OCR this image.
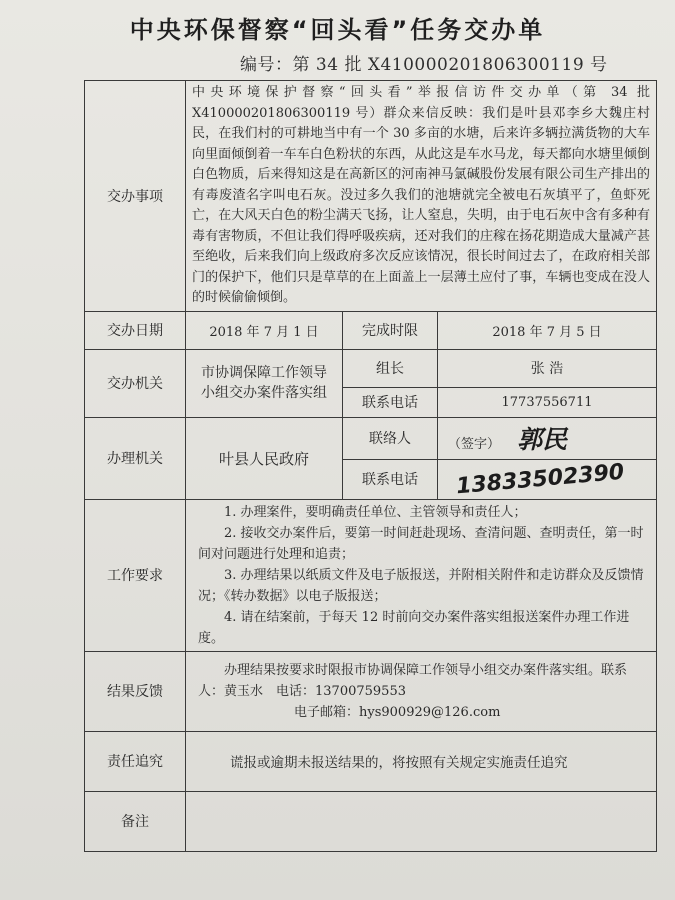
中央环保督察“回头看”任务交办单
编号：第 34 批 X410000201806300119 号
交办事项	中央环境保护督察“回头看”举报信访件交办单（第 34 批 X410000201806300119 号）群众来信反映：我们是叶县邓李乡大魏庄村民，在我们村的可耕地当中有一个 30 多亩的水塘，后来许多辆拉满货物的大车向里面倾倒着一车车白色粉状的东西，从此这是车水马龙，每天都向水塘里倾倒白色物质，后来得知这是在高新区的河南神马氯碱股份发展有限公司生产排出的有毒废渣名字叫电石灰。没过多久我们的池塘就完全被电石灰填平了，鱼虾死亡，在大风天白色的粉尘满天飞扬，让人窒息，失明，由于电石灰中含有多种有毒有害物质，不但让我们得呼吸疾病，还对我们的庄稼在扬花期造成大量减产甚至绝收，后来我们向上级政府多次反应该情况，很长时间过去了，在政府相关部门的保护下，他们只是草草的在上面盖上一层薄土应付了事，车辆也变成在没人的时候偷偷倾倒。		
交办日期	2018 年 7 月 1 日	完成时限	2018 年 7 月 5 日
交办机关	市协调保障工作领导小组交办案件落实组	组长	张 浩
		联系电话	17737556711
办理机关	叶县人民政府	联络人	（签字） 郭民
		联系电话	13833502390
工作要求	1. 办理案件，要明确责任单位、主管领导和责任人；

2. 接收交办案件后，要第一时间赶赴现场、查清问题、查明责任，第一时间对问题进行处理和追责；

3. 办理结果以纸质文件及电子版报送，并附相关附件和走访群众及反馈情况；《转办数据》以电子版报送；

4. 请在结案前，于每天 12 时前向交办案件落实组报送案件办理工作进度。		

结果反馈	办理结果按要求时限报市协调保障工作领导小组交办案件落实组。联系人：黄玉水　电话：13700759553
电子邮箱：hys900929@126.com		

责任追究	谎报或逾期未报送结果的，将按照有关规定实施责任追究		
备注			
